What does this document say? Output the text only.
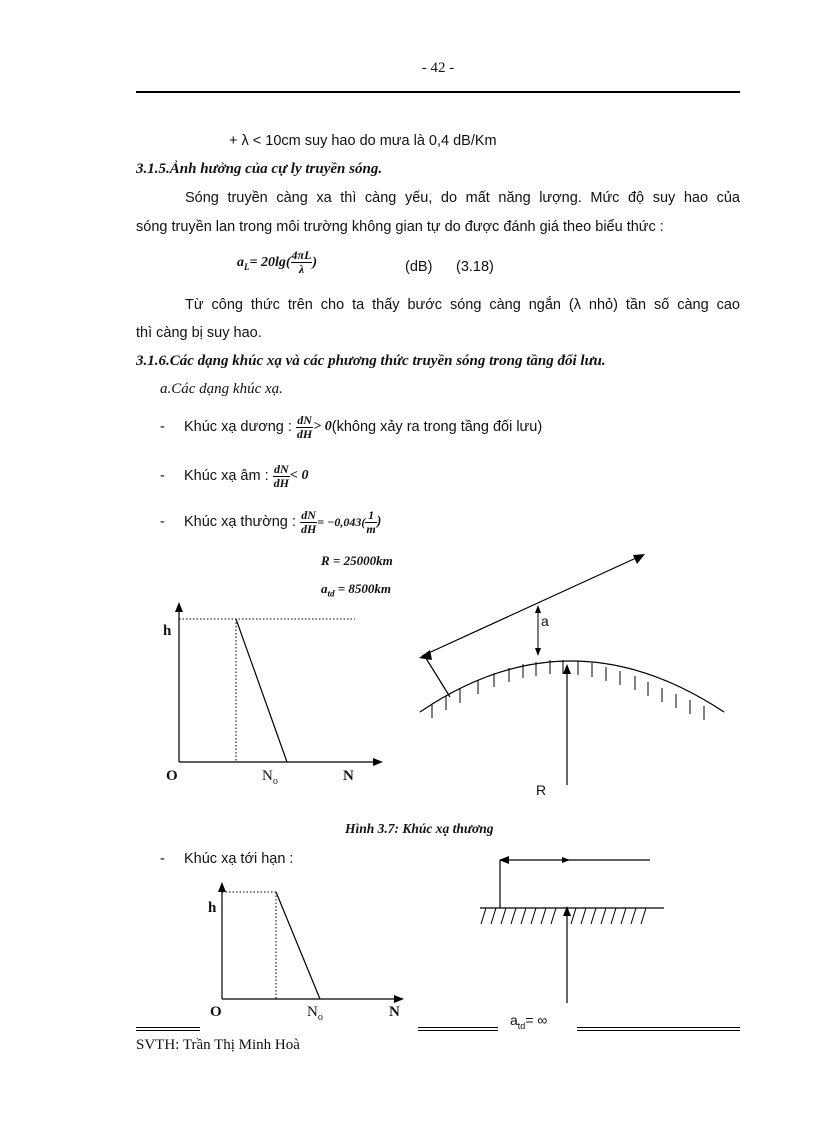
- 42 -
+ λ < 10cm suy hao do mưa là 0,4 dB/Km
3.1.5.Ảnh hưởng của cự ly truyền sóng.
Sóng truyền càng xa thì càng yếu, do mất năng lượng. Mức độ suy hao của
sóng truyền lan trong môi trường không gian tự do được đánh giá theo biểu thức :
$a_L= 20\lg( \frac{4\pi L}{\lambda}$ )	(dB) (3.18)
Từ công thức trên cho ta thấy bước sóng càng ngắn (λ nhỏ) tần số càng cao
thì càng bị suy hao.
3.1.6.Các dạng khúc xạ và các phương thức truyền sóng trong tầng đối lưu.
a.Các dạng khúc xạ.
- Khúc xạ dương :
$\frac{dN}{dH} > 0$ (không xảy ra trong tầng đối lưu)
- Khúc xạ âm :
$\frac{dN}{dH} < 0$
- Khúc xạ thường :
$\frac{dN}{dH} = -0,043( \frac{1}{m}$ )
R = 25000km
$a_{td} = 8500km$
h
O	$N_o$	N
a
R
Hình 3.7: Khúc xạ thương
- Khúc xạ tới hạn :
h
O	$N_o$	N	$a_{td}=$ ∞
SVTH: Trần Thị Minh Hoà
